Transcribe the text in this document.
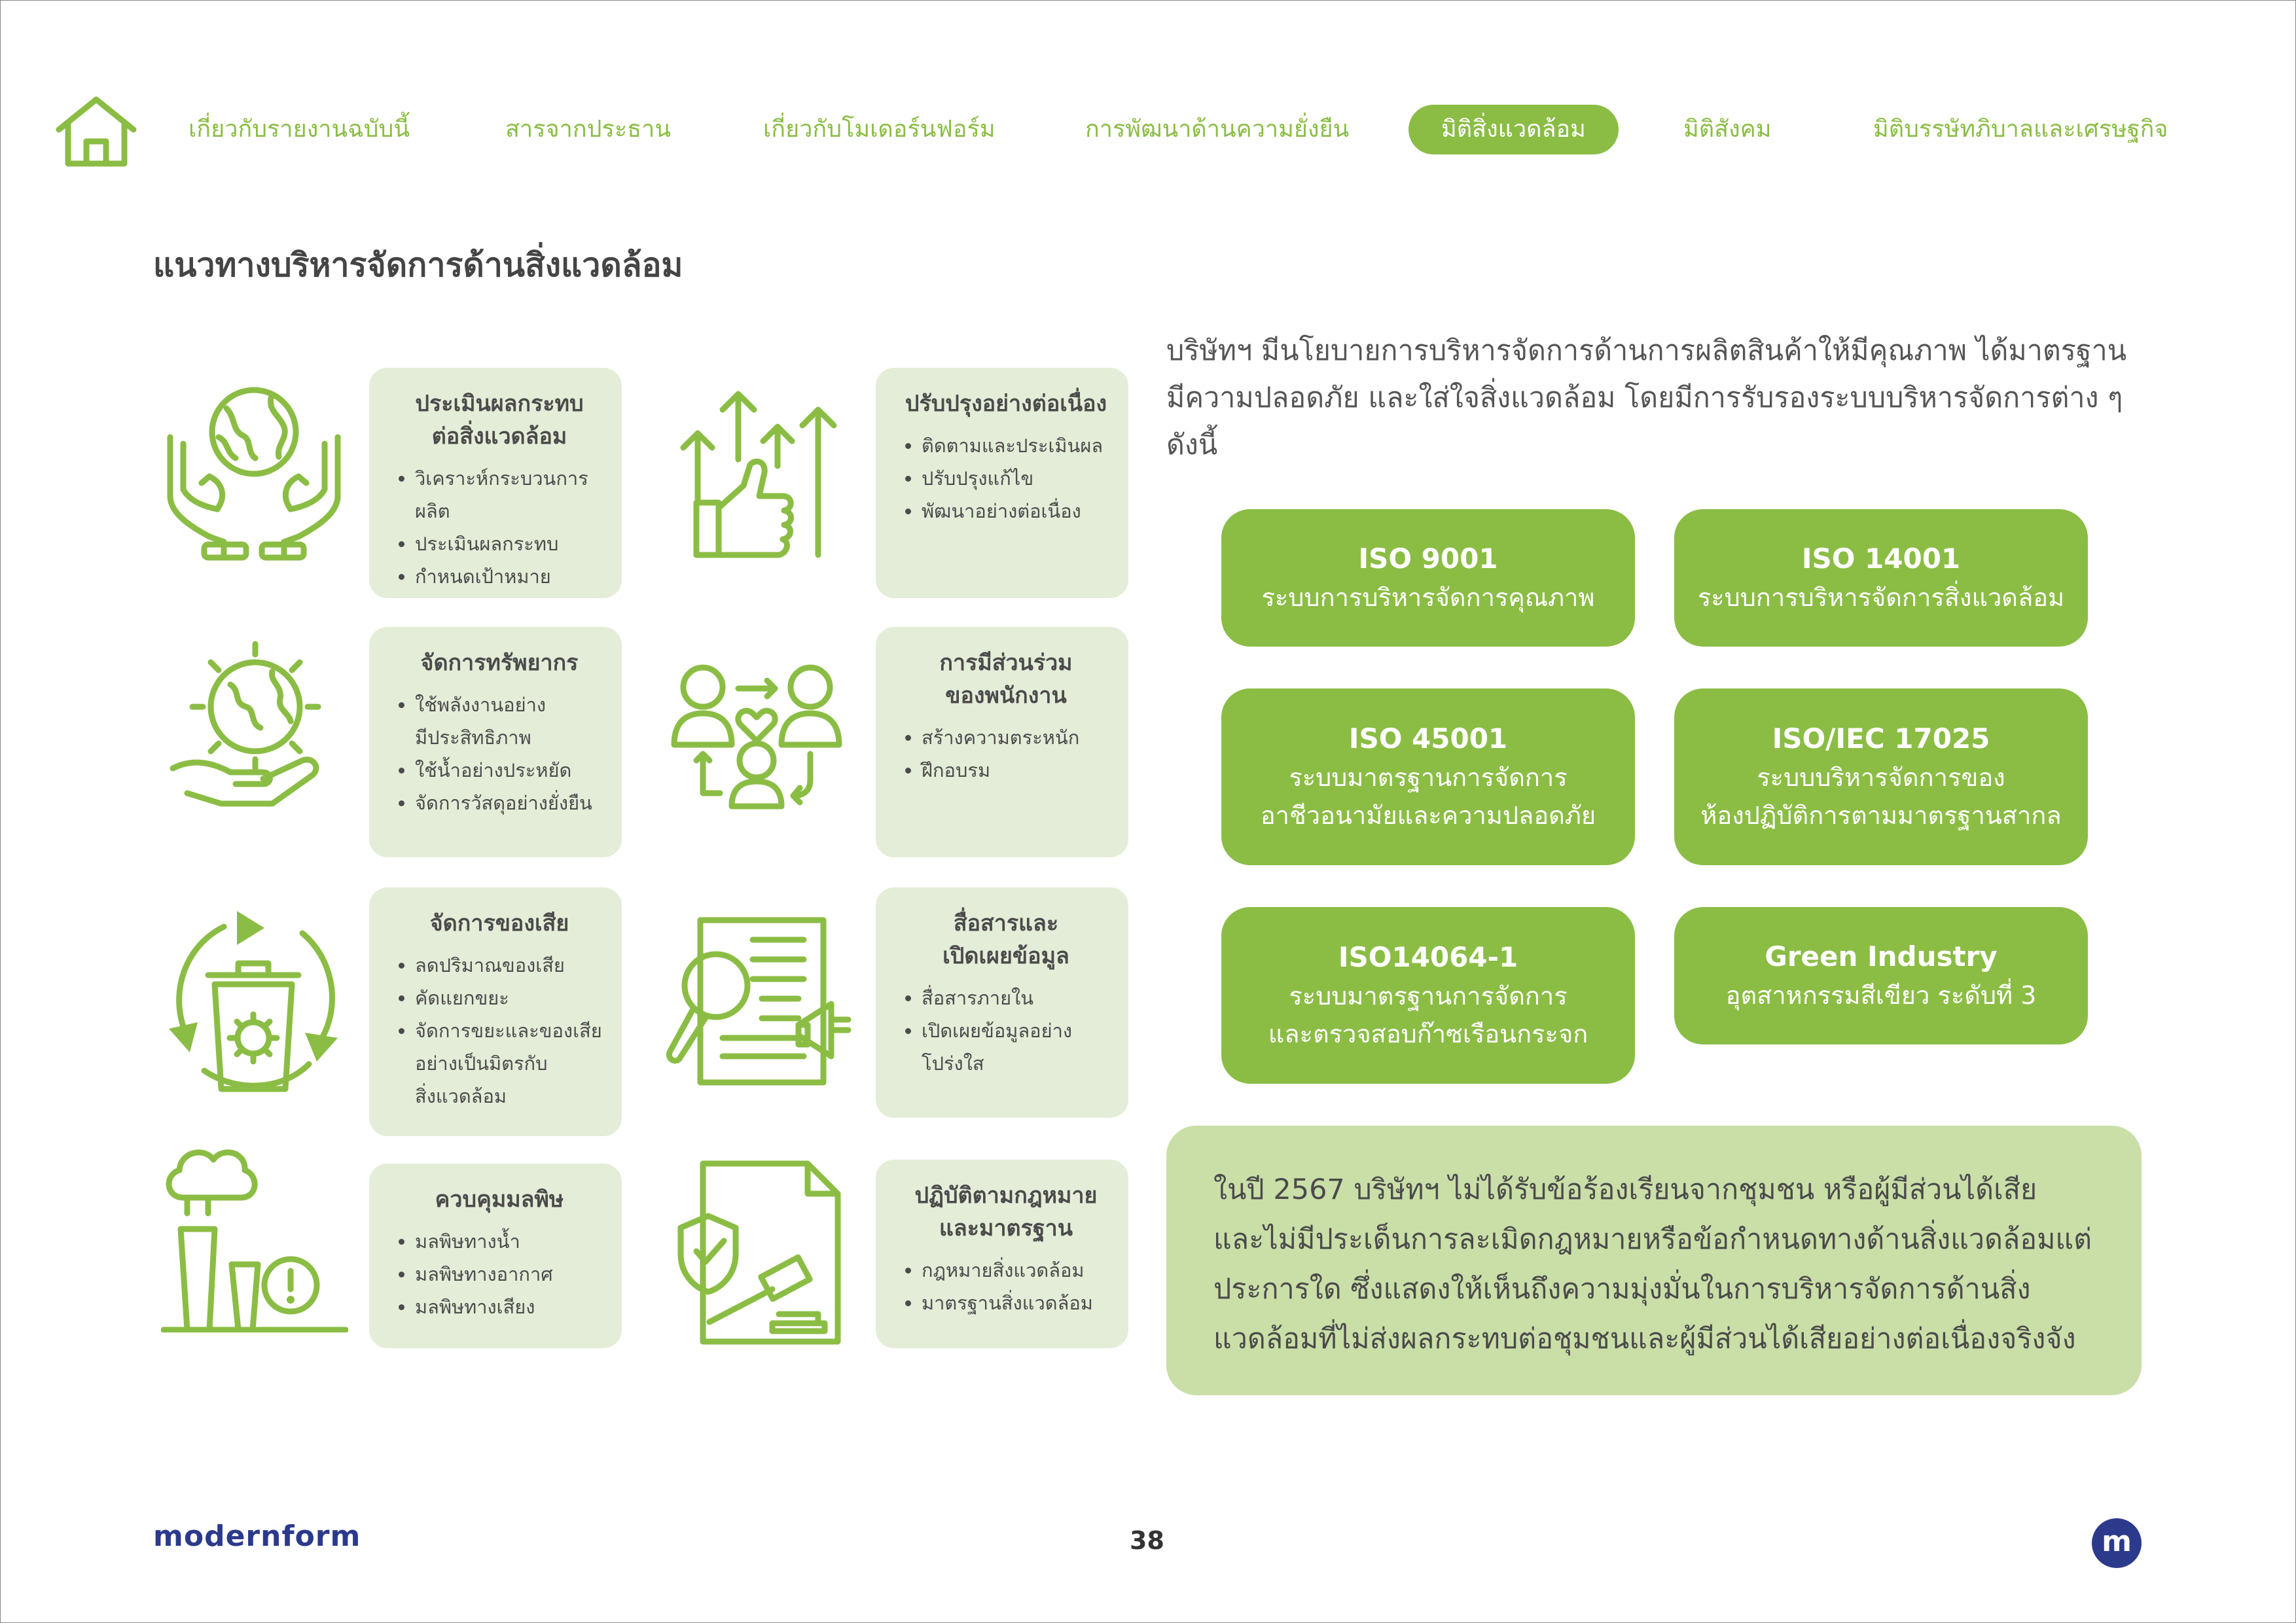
เกี่ยวกับรายงานฉบับนี้	สารจากประธาน	เกี่ยวกับโมเดอร์นฟอร์ม	การพัฒนาด้านความยั่งยืน	มิติสิ่งแวดล้อม	มิติสังคม	มิติบรรษัทภิบาลและเศรษฐกิจ
แนวทางบริหารจัดการด้านสิ่งแวดล้อม
ประเมินผลกระทบ
ต่อสิ่งแวดล้อม
• วิเคราะห์กระบวนการผลิต
• ประเมินผลกระทบ
• กำหนดเป้าหมาย
ปรับปรุงอย่างต่อเนื่อง
• ติดตามและประเมินผล
• ปรับปรุงแก้ไข
• พัฒนาอย่างต่อเนื่อง
จัดการทรัพยากร
• ใช้พลังงานอย่าง
มีประสิทธิภาพ
• ใช้น้ำอย่างประหยัด
• จัดการวัสดุอย่างยั่งยืน
การมีส่วนร่วม
ของพนักงาน
• สร้างความตระหนัก
• ฝึกอบรม
จัดการของเสีย
• ลดปริมาณของเสีย
• คัดแยกขยะ
• จัดการขยะและของเสีย
อย่างเป็นมิตรกับ
สิ่งแวดล้อม
สื่อสารและ
เปิดเผยข้อมูล
• สื่อสารภายใน
• เปิดเผยข้อมูลอย่างโปร่งใส
ควบคุมมลพิษ
• มลพิษทางน้ำ
• มลพิษทางอากาศ
• มลพิษทางเสียง
ปฏิบัติตามกฎหมาย
และมาตรฐาน
• กฎหมายสิ่งแวดล้อม
• มาตรฐานสิ่งแวดล้อม

บริษัทฯ มีนโยบายการบริหารจัดการด้านการผลิตสินค้าให้มีคุณภาพ ได้มาตรฐาน มีความปลอดภัย และใส่ใจสิ่งแวดล้อม โดยมีการรับรองระบบบริหารจัดการต่าง ๆ ดังนี้

ISO 9001
ระบบการบริหารจัดการคุณภาพ
ISO 14001
ระบบการบริหารจัดการสิ่งแวดล้อม
ISO 45001
ระบบมาตรฐานการจัดการ
อาชีวอนามัยและความปลอดภัย
ISO/IEC 17025
ระบบบริหารจัดการของ
ห้องปฏิบัติการตามมาตรฐานสากล
ISO14064-1
ระบบมาตรฐานการจัดการ
และตรวจสอบก๊าซเรือนกระจก
Green Industry
อุตสาหกรรมสีเขียว ระดับที่ 3
ในปี 2567 บริษัทฯ ไม่ได้รับข้อร้องเรียนจากชุมชน หรือผู้มีส่วนได้เสีย และไม่มีประเด็นการละเมิดกฎหมายหรือข้อกำหนดทางด้านสิ่งแวดล้อมแต่ประการใด ซึ่งแสดงให้เห็นถึงความมุ่งมั่นในการบริหารจัดการด้านสิ่งแวดล้อมที่ไม่ส่งผลกระทบต่อชุมชนและผู้มีส่วนได้เสียอย่างต่อเนื่องจริงจัง
modernform	38	m
